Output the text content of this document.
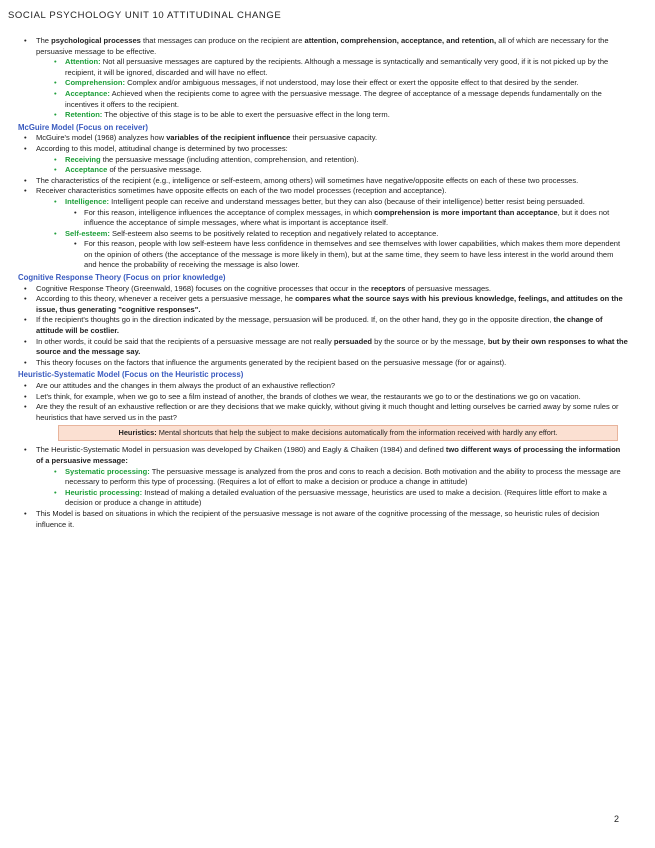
SOCIAL PSYCHOLOGY UNIT 10 ATTITUDINAL CHANGE
• The psychological processes that messages can produce on the recipient are attention, comprehension, acceptance, and retention, all of which are necessary for the persuasive message to be effective.
• Attention: Not all persuasive messages are captured by the recipients. Although a message is syntactically and semantically very good, if it is not picked up by the recipient, it will be ignored, discarded and will have no effect.
• Comprehension: Complex and/or ambiguous messages, if not understood, may lose their effect or exert the opposite effect to that desired by the sender.
• Acceptance: Achieved when the recipients come to agree with the persuasive message. The degree of acceptance of a message depends fundamentally on the incentives it offers to the recipient.
• Retention: The objective of this stage is to be able to exert the persuasive effect in the long term.
McGuire Model (Focus on receiver)
• McGuire's model (1968) analyzes how variables of the recipient influence their persuasive capacity.
• According to this model, attitudinal change is determined by two processes:
• Receiving the persuasive message (including attention, comprehension, and retention).
• Acceptance of the persuasive message.
• The characteristics of the recipient (e.g., intelligence or self-esteem, among others) will sometimes have negative/opposite effects on each of these two processes.
• Receiver characteristics sometimes have opposite effects on each of the two model processes (reception and acceptance).
• Intelligence: Intelligent people can receive and understand messages better, but they can also (because of their intelligence) better resist being persuaded.
• For this reason, intelligence influences the acceptance of complex messages, in which comprehension is more important than acceptance, but it does not influence the acceptance of simple messages, where what is important is acceptance itself.
• Self-esteem: Self-esteem also seems to be positively related to reception and negatively related to acceptance.
• For this reason, people with low self-esteem have less confidence in themselves and see themselves with lower capabilities, which makes them more dependent on the opinion of others (the acceptance of the message is more likely in them), but at the same time, they seem to have less interest in the world around them and hence the probability of receiving the message is also lower.
Cognitive Response Theory (Focus on prior knowledge)
• Cognitive Response Theory (Greenwald, 1968) focuses on the cognitive processes that occur in the receptors of persuasive messages.
• According to this theory, whenever a receiver gets a persuasive message, he compares what the source says with his previous knowledge, feelings, and attitudes on the issue, thus generating "cognitive responses".
• If the recipient's thoughts go in the direction indicated by the message, persuasion will be produced. If, on the other hand, they go in the opposite direction, the change of attitude will be costlier.
• In other words, it could be said that the recipients of a persuasive message are not really persuaded by the source or by the message, but by their own responses to what the source and the message say.
• This theory focuses on the factors that influence the arguments generated by the recipient based on the persuasive message (for or against).
Heuristic-Systematic Model (Focus on the Heuristic process)
• Are our attitudes and the changes in them always the product of an exhaustive reflection?
• Let's think, for example, when we go to see a film instead of another, the brands of clothes we wear, the restaurants we go to or the destinations we go on vacation.
• Are they the result of an exhaustive reflection or are they decisions that we make quickly, without giving it much thought and letting ourselves be carried away by some rules or heuristics that have served us in the past?
Heuristics: Mental shortcuts that help the subject to make decisions automatically from the information received with hardly any effort.
• The Heuristic-Systematic Model in persuasion was developed by Chaiken (1980) and Eagly & Chaiken (1984) and defined two different ways of processing the information of a persuasive message:
• Systematic processing: The persuasive message is analyzed from the pros and cons to reach a decision. Both motivation and the ability to process the message are necessary to perform this type of processing. (Requires a lot of effort to make a decision or produce a change in attitude)
• Heuristic processing: Instead of making a detailed evaluation of the persuasive message, heuristics are used to make a decision. (Requires little effort to make a decision or produce a change in attitude)
• This Model is based on situations in which the recipient of the persuasive message is not aware of the cognitive processing of the message, so heuristic rules of decision influence it.
2
